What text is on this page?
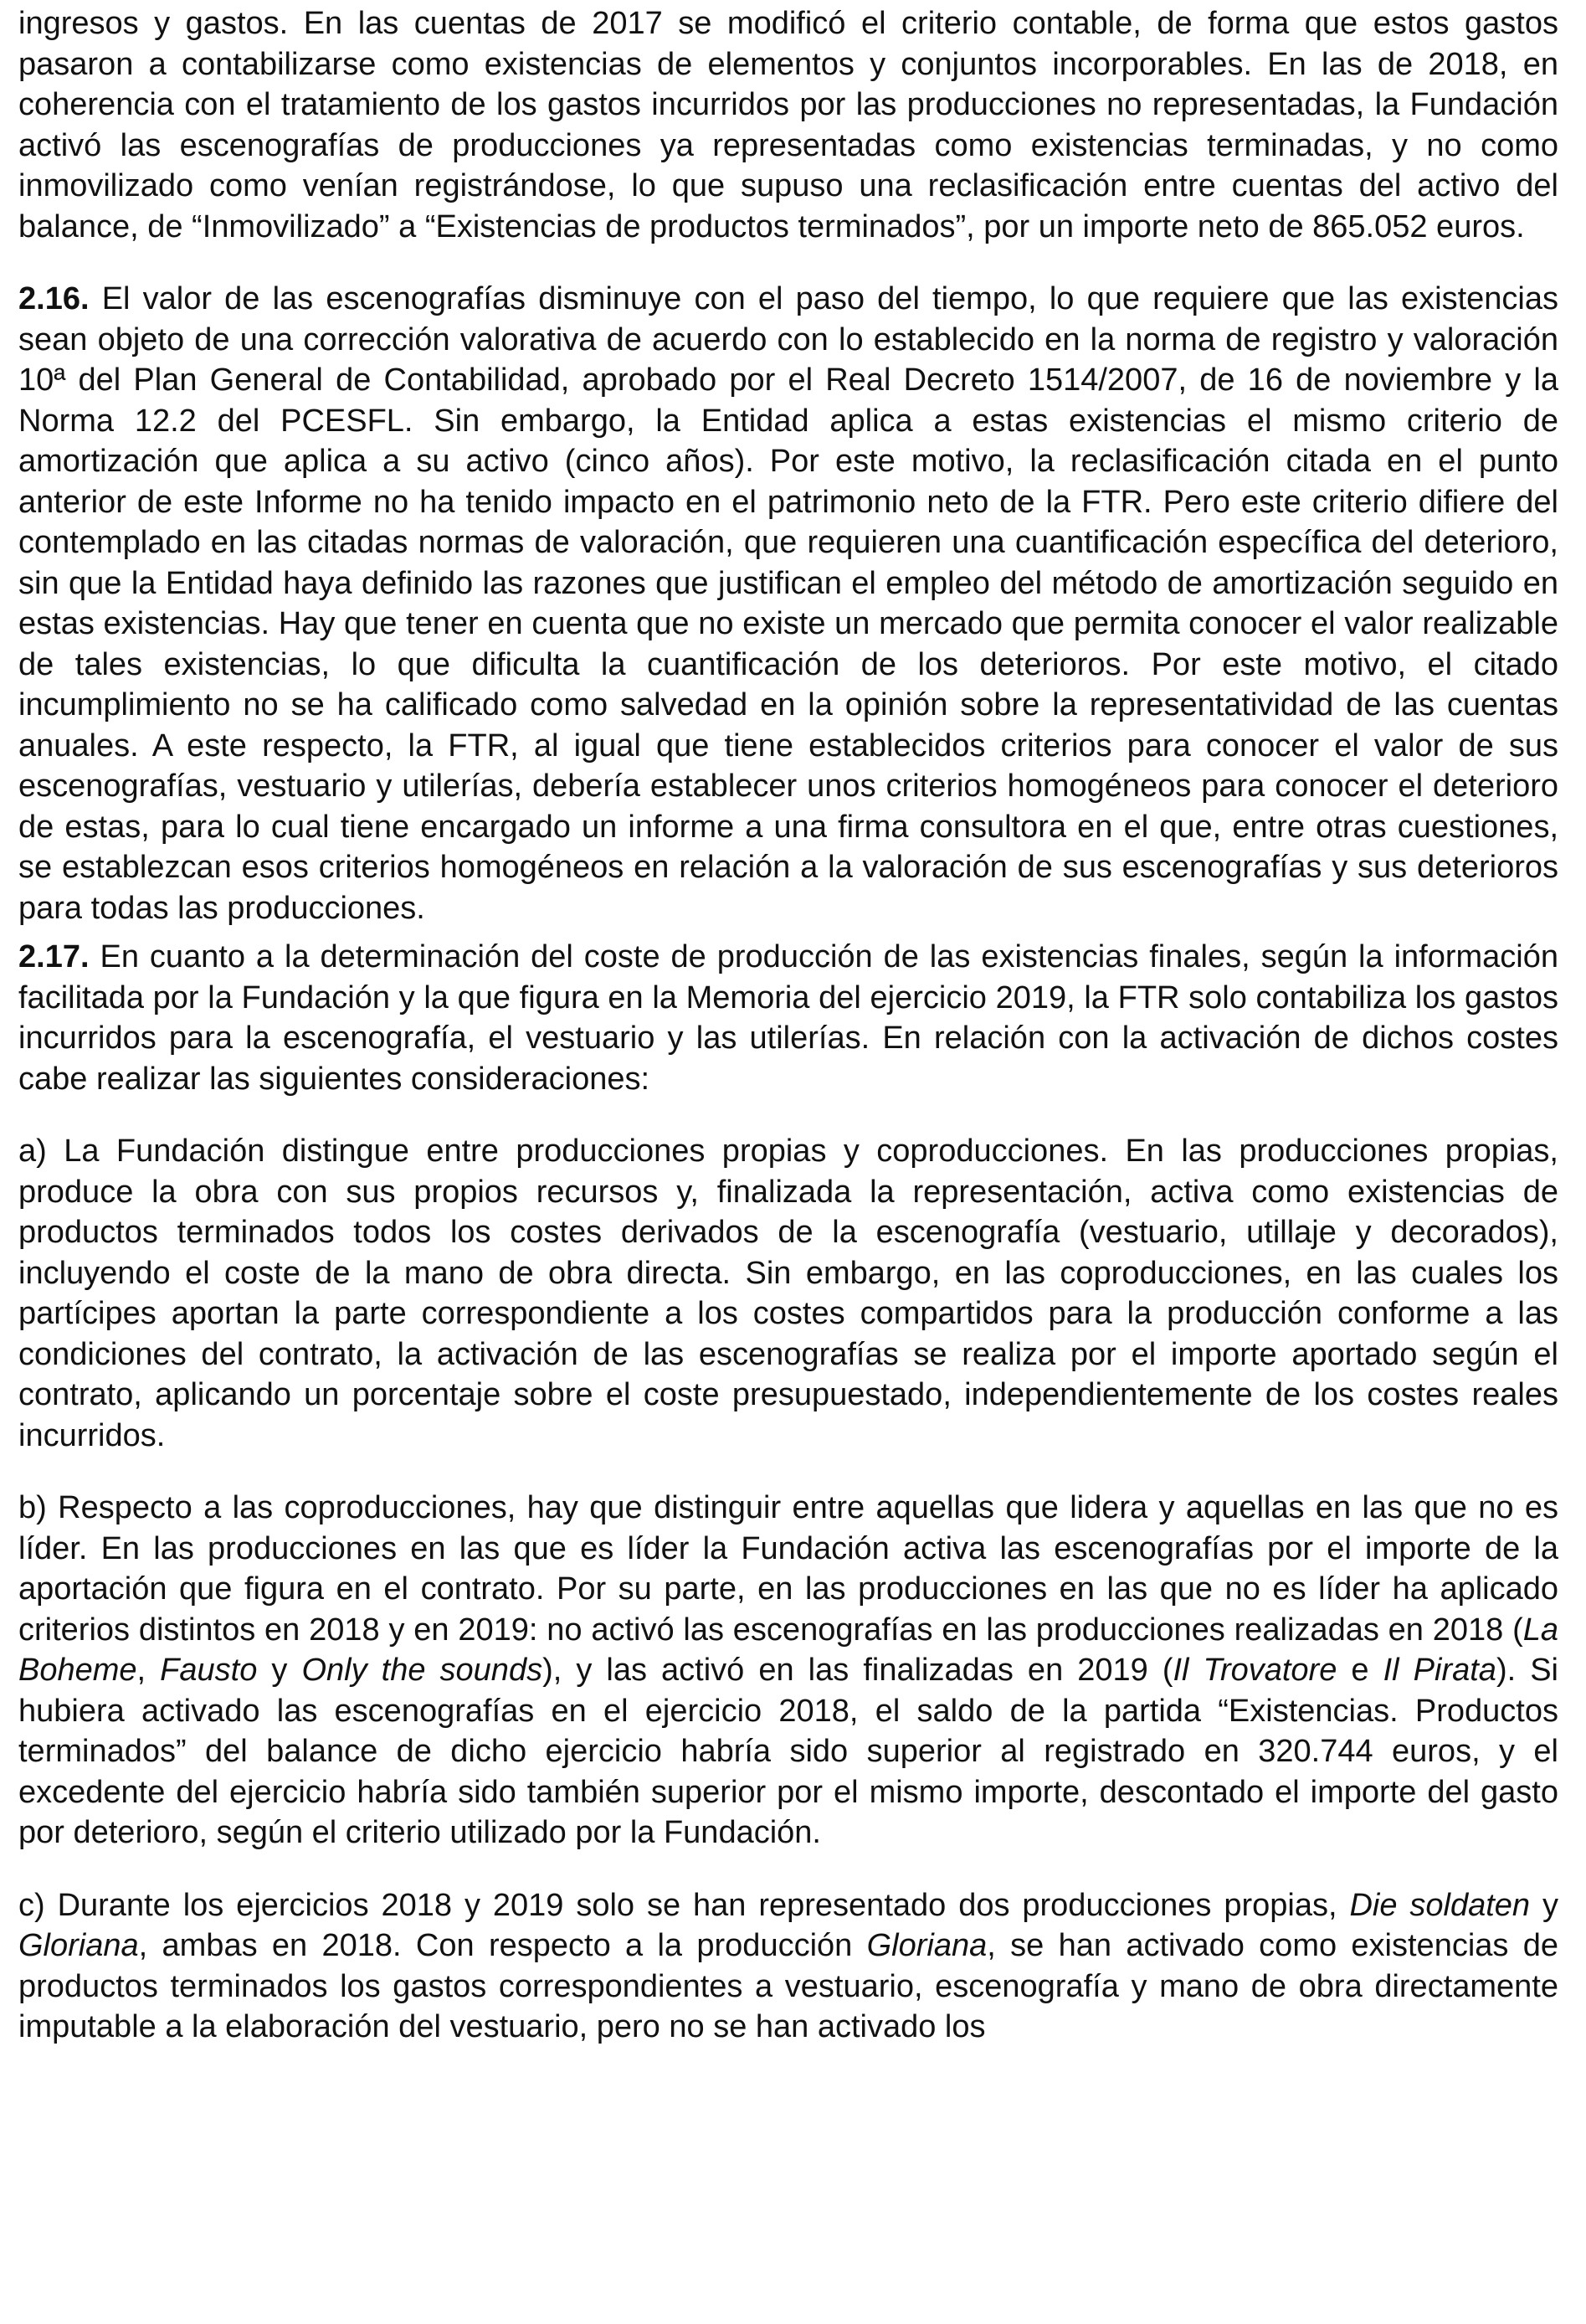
ingresos y gastos. En las cuentas de 2017 se modificó el criterio contable, de forma que estos gastos pasaron a contabilizarse como existencias de elementos y conjuntos incorporables. En las de 2018, en coherencia con el tratamiento de los gastos incurridos por las producciones no representadas, la Fundación activó las escenografías de producciones ya representadas como existencias terminadas, y no como inmovilizado como venían registrándose, lo que supuso una reclasificación entre cuentas del activo del balance, de “Inmovilizado” a “Existencias de productos terminados”, por un importe neto de 865.052 euros.

2.16. El valor de las escenografías disminuye con el paso del tiempo, lo que requiere que las existencias sean objeto de una corrección valorativa de acuerdo con lo establecido en la norma de registro y valoración 10ª del Plan General de Contabilidad, aprobado por el Real Decreto 1514/2007, de 16 de noviembre y la Norma 12.2 del PCESFL. Sin embargo, la Entidad aplica a estas existencias el mismo criterio de amortización que aplica a su activo (cinco años). Por este motivo, la reclasificación citada en el punto anterior de este Informe no ha tenido impacto en el patrimonio neto de la FTR. Pero este criterio difiere del contemplado en las citadas normas de valoración, que requieren una cuantificación específica del deterioro, sin que la Entidad haya definido las razones que justifican el empleo del método de amortización seguido en estas existencias. Hay que tener en cuenta que no existe un mercado que permita conocer el valor realizable de tales existencias, lo que dificulta la cuantificación de los deterioros. Por este motivo, el citado incumplimiento no se ha calificado como salvedad en la opinión sobre la representatividad de las cuentas anuales. A este respecto, la FTR, al igual que tiene establecidos criterios para conocer el valor de sus escenografías, vestuario y utilerías, debería establecer unos criterios homogéneos para conocer el deterioro de estas, para lo cual tiene encargado un informe a una firma consultora en el que, entre otras cuestiones, se establezcan esos criterios homogéneos en relación a la valoración de sus escenografías y sus deterioros para todas las producciones.

2.17. En cuanto a la determinación del coste de producción de las existencias finales, según la información facilitada por la Fundación y la que figura en la Memoria del ejercicio 2019, la FTR solo contabiliza los gastos incurridos para la escenografía, el vestuario y las utilerías. En relación con la activación de dichos costes cabe realizar las siguientes consideraciones:

a) La Fundación distingue entre producciones propias y coproducciones. En las producciones propias, produce la obra con sus propios recursos y, finalizada la representación, activa como existencias de productos terminados todos los costes derivados de la escenografía (vestuario, utillaje y decorados), incluyendo el coste de la mano de obra directa. Sin embargo, en las coproducciones, en las cuales los partícipes aportan la parte correspondiente a los costes compartidos para la producción conforme a las condiciones del contrato, la activación de las escenografías se realiza por el importe aportado según el contrato, aplicando un porcentaje sobre el coste presupuestado, independientemente de los costes reales incurridos.

b) Respecto a las coproducciones, hay que distinguir entre aquellas que lidera y aquellas en las que no es líder. En las producciones en las que es líder la Fundación activa las escenografías por el importe de la aportación que figura en el contrato. Por su parte, en las producciones en las que no es líder ha aplicado criterios distintos en 2018 y en 2019: no activó las escenografías en las producciones realizadas en 2018 (La Boheme, Fausto y Only the sounds), y las activó en las finalizadas en 2019 (Il Trovatore e Il Pirata). Si hubiera activado las escenografías en el ejercicio 2018, el saldo de la partida “Existencias. Productos terminados” del balance de dicho ejercicio habría sido superior al registrado en 320.744 euros, y el excedente del ejercicio habría sido también superior por el mismo importe, descontado el importe del gasto por deterioro, según el criterio utilizado por la Fundación.

c) Durante los ejercicios 2018 y 2019 solo se han representado dos producciones propias, Die soldaten y Gloriana, ambas en 2018. Con respecto a la producción Gloriana, se han activado como existencias de productos terminados los gastos correspondientes a vestuario, escenografía y mano de obra directamente imputable a la elaboración del vestuario, pero no se han activado los
